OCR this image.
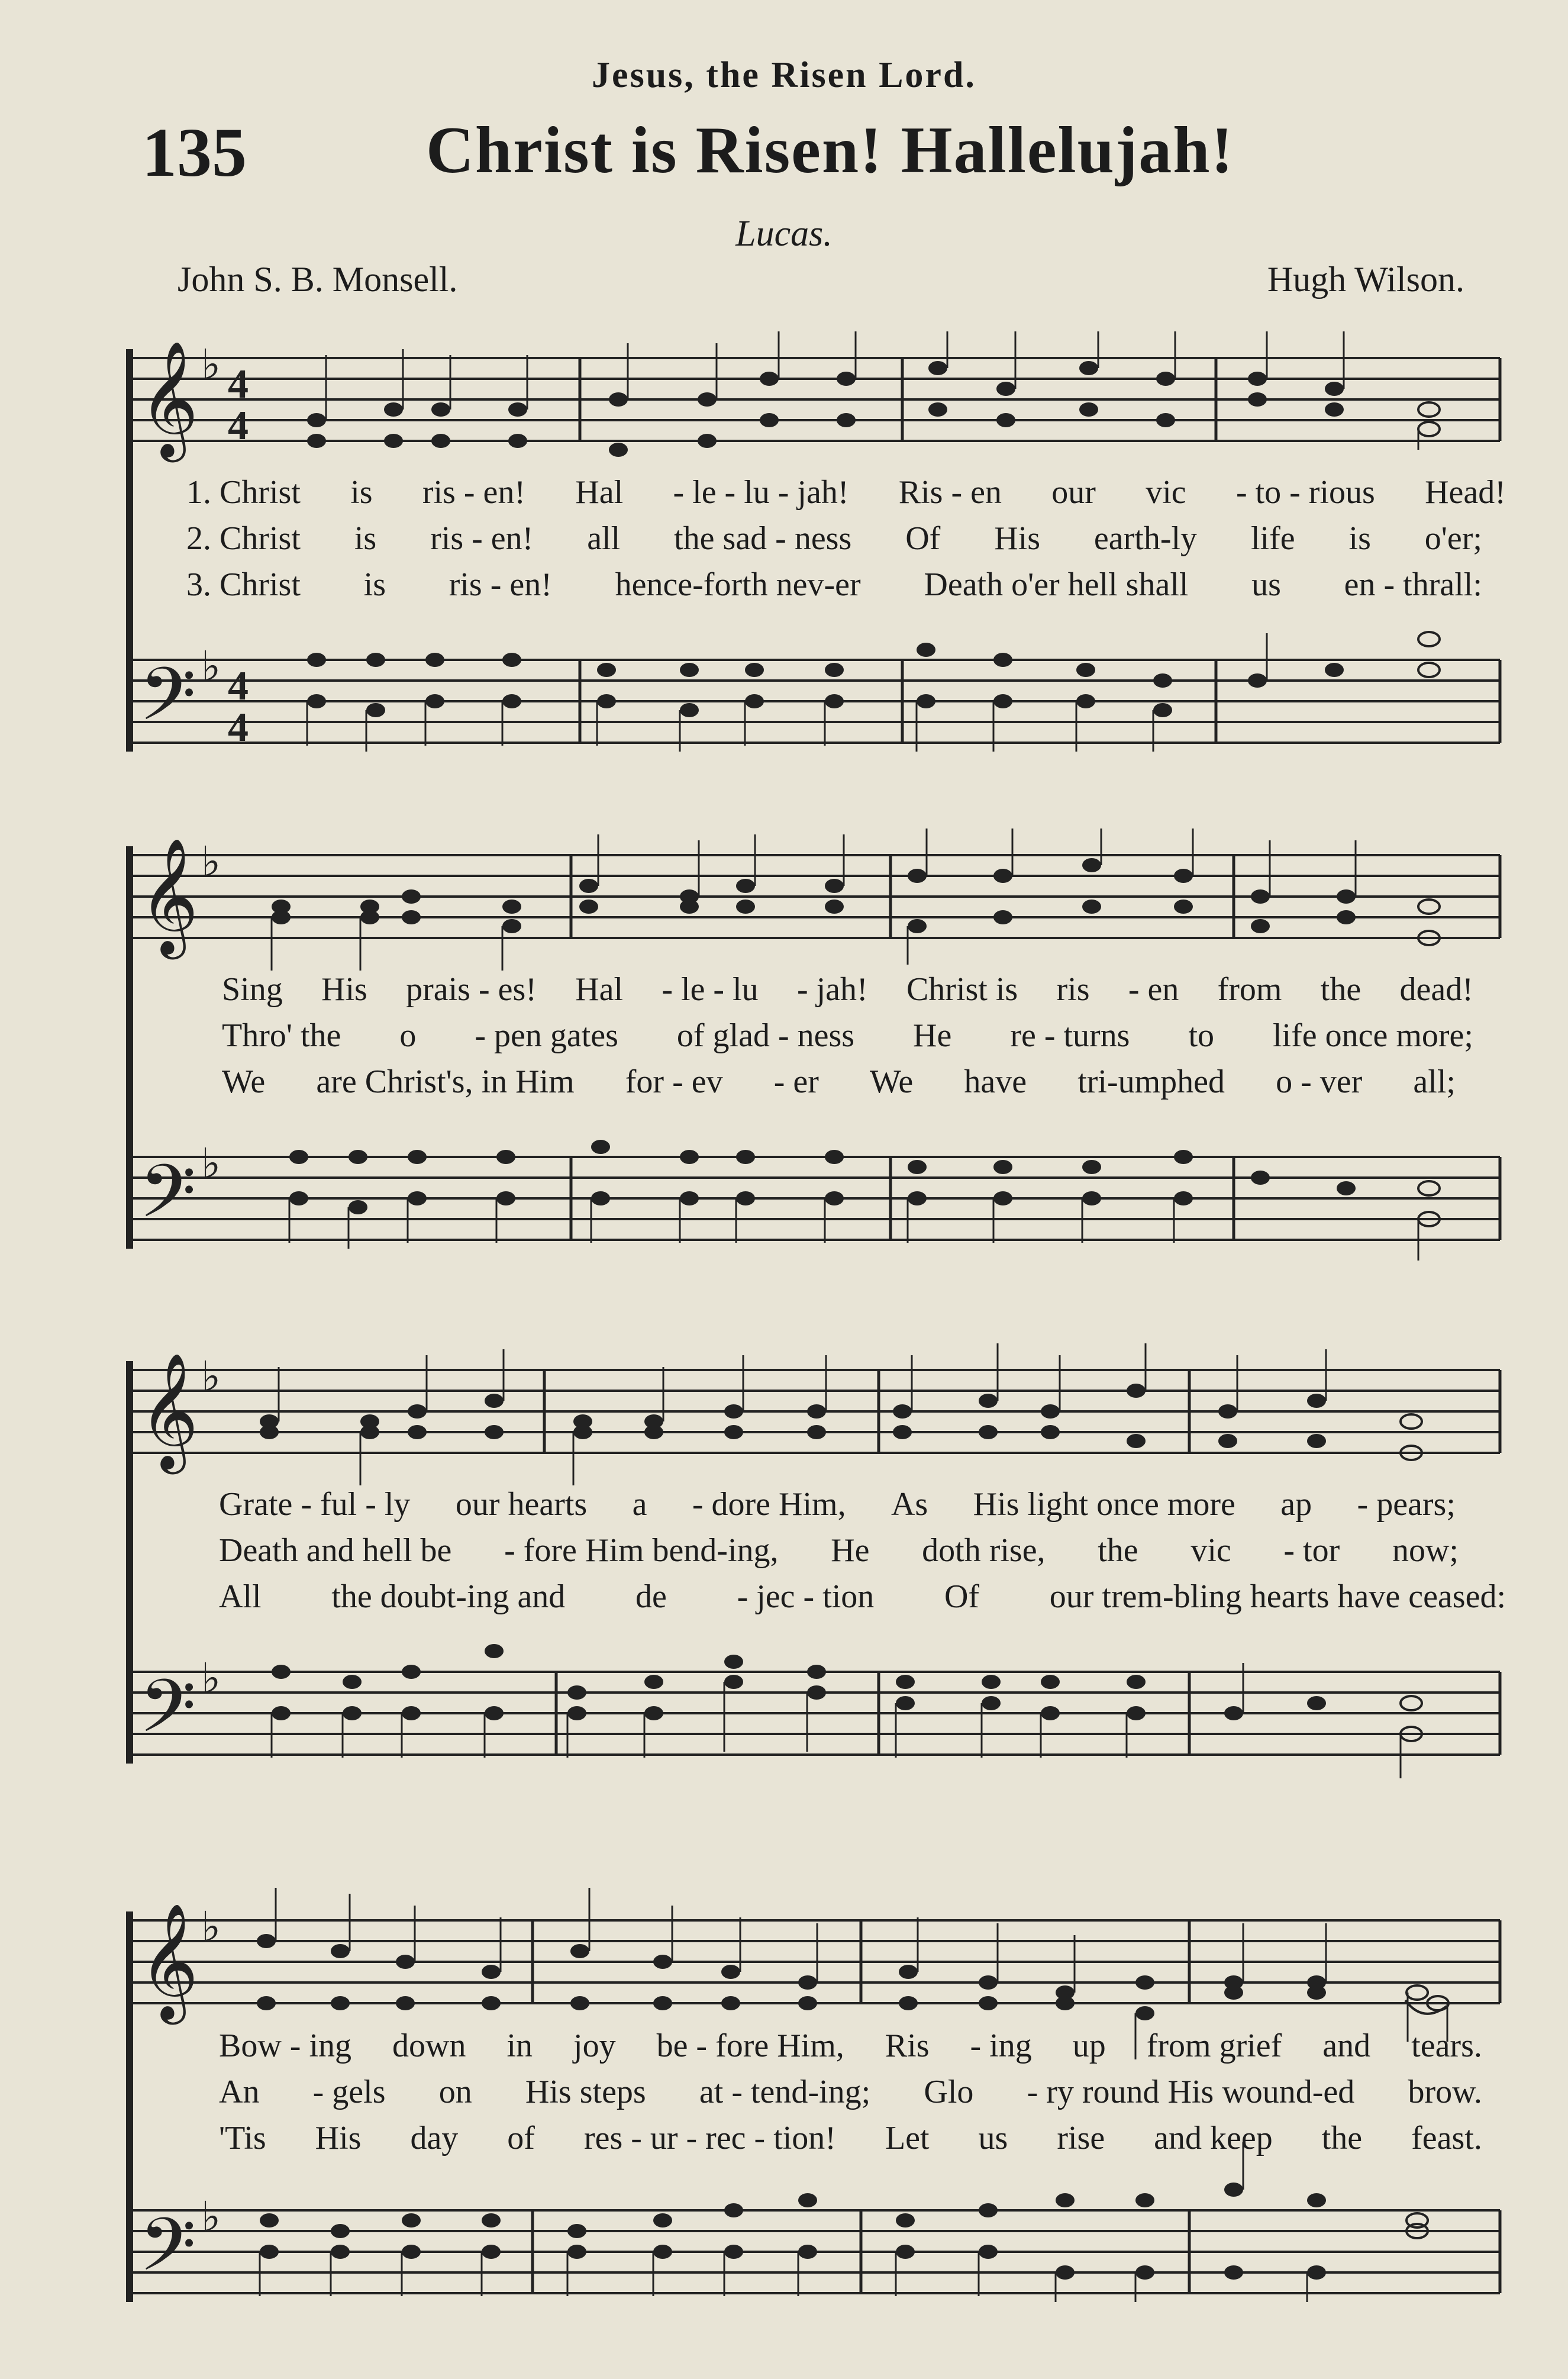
Jesus, the Risen Lord.
135	Christ is Risen! Hallelujah!
Lucas.
John S. B. Monsell.	Hugh Wilson.
𝄞
𝄢
♭
♭
4
4
4
4
1. Christ is ris - en! Hal - le - lu - jah! Ris - en our vic - to - rious Head!
2. Christ is ris - en! all the sad - ness Of His earth-ly life is o'er;
3. Christ is ris - en! hence-forth nev-er Death o'er hell shall us en - thrall:
𝄞
𝄢
♭
♭
Sing His prais - es! Hal - le - lu - jah! Christ is ris - en from the dead!
Thro' the o - pen gates of glad - ness He re - turns to life once more;
We are Christ's, in Him for - ev - er We have tri-umphed o - ver all;
𝄞
𝄢
♭
♭
Grate - ful - ly our hearts a - dore Him, As His light once more ap - pears;
Death and hell be - fore Him bend-ing, He doth rise, the vic - tor now;
All the doubt-ing and de - jec - tion Of our trem-bling hearts have ceased:
𝄞
𝄢
♭
♭
Bow - ing down in joy be - fore Him, Ris - ing up from grief and tears.
An - gels on His steps at - tend-ing; Glo - ry round His wound-ed brow.
'Tis His day of res - ur - rec - tion! Let us rise and keep the feast.
